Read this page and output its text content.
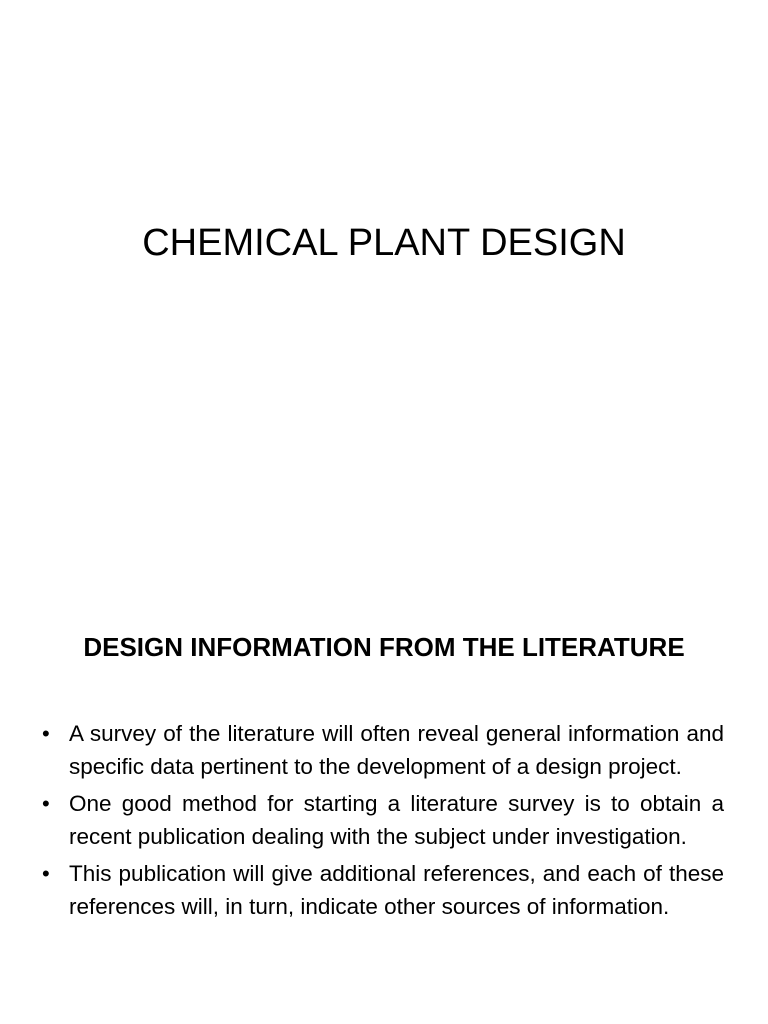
CHEMICAL PLANT DESIGN
DESIGN INFORMATION FROM THE LITERATURE
• A survey of the literature will often reveal general information and specific data pertinent to the development of a design project.
• One good method for starting a literature survey is to obtain a recent publication dealing with the subject under investigation.
• This publication will give additional references, and each of these references will, in turn, indicate other sources of information.
